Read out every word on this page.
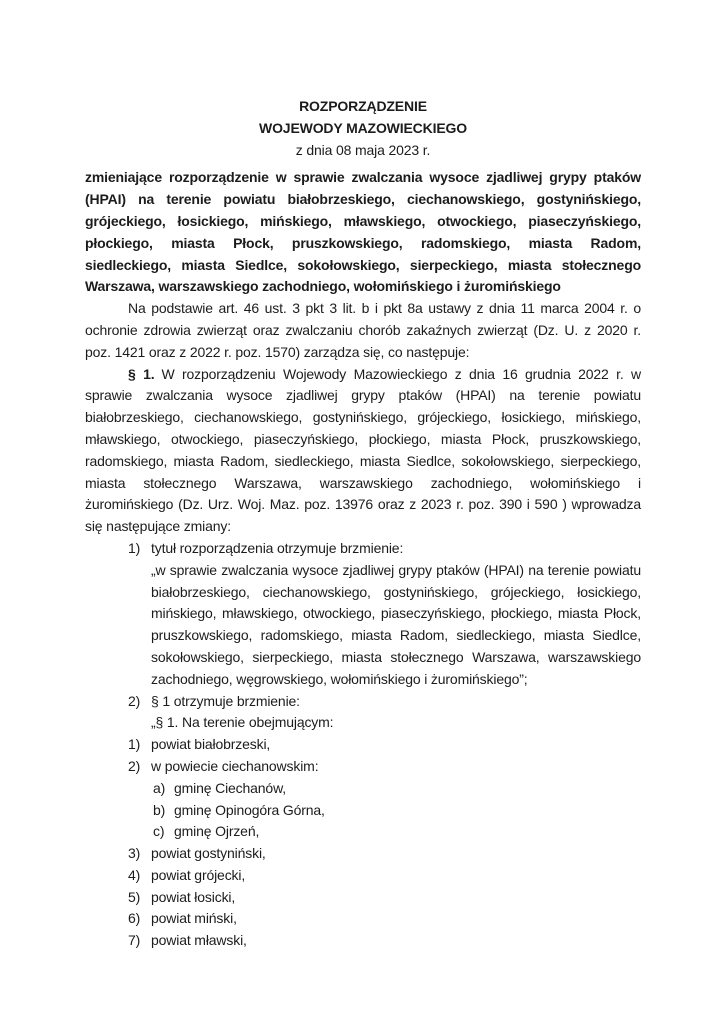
ROZPORZĄDZENIE

WOJEWODY MAZOWIECKIEGO

z dnia 08 maja 2023 r.

zmieniające rozporządzenie w sprawie zwalczania wysoce zjadliwej grypy ptaków (HPAI) na terenie powiatu białobrzeskiego, ciechanowskiego, gostynińskiego, grójeckiego, łosickiego, mińskiego, mławskiego, otwockiego, piaseczyńskiego, płockiego, miasta Płock, pruszkowskiego, radomskiego, miasta Radom, siedleckiego, miasta Siedlce, sokołowskiego, sierpeckiego, miasta stołecznego Warszawa, warszawskiego zachodniego, wołomińskiego i żuromińskiego

Na podstawie art. 46 ust. 3 pkt 3 lit. b i pkt 8a ustawy z dnia 11 marca 2004 r. o ochronie zdrowia zwierząt oraz zwalczaniu chorób zakaźnych zwierząt (Dz. U. z 2020 r. poz. 1421 oraz z 2022 r. poz. 1570) zarządza się, co następuje:

§ 1. W rozporządzeniu Wojewody Mazowieckiego z dnia 16 grudnia 2022 r. w sprawie zwalczania wysoce zjadliwej grypy ptaków (HPAI) na terenie powiatu białobrzeskiego, ciechanowskiego, gostynińskiego, grójeckiego, łosickiego, mińskiego, mławskiego, otwockiego, piaseczyńskiego, płockiego, miasta Płock, pruszkowskiego, radomskiego, miasta Radom, siedleckiego, miasta Siedlce, sokołowskiego, sierpeckiego, miasta stołecznego Warszawa, warszawskiego zachodniego, wołomińskiego i żuromińskiego (Dz. Urz. Woj. Maz. poz. 13976 oraz z 2023 r. poz. 390 i 590 ) wprowadza się następujące zmiany:

1) tytuł rozporządzenia otrzymuje brzmienie:
„w sprawie zwalczania wysoce zjadliwej grypy ptaków (HPAI) na terenie powiatu białobrzeskiego, ciechanowskiego, gostynińskiego, grójeckiego, łosickiego, mińskiego, mławskiego, otwockiego, piaseczyńskiego, płockiego, miasta Płock, pruszkowskiego, radomskiego, miasta Radom, siedleckiego, miasta Siedlce, sokołowskiego, sierpeckiego, miasta stołecznego Warszawa, warszawskiego zachodniego, węgrowskiego, wołomińskiego i żuromińskiego”;
2) § 1 otrzymuje brzmienie:
„§ 1. Na terenie obejmującym:
1) powiat białobrzeski,
2) w powiecie ciechanowskim:
a) gminę Ciechanów,
b) gminę Opinogóra Górna,
c) gminę Ojrzeń,
3) powiat gostyniński,
4) powiat grójecki,
5) powiat łosicki,
6) powiat miński,
7) powiat mławski,
